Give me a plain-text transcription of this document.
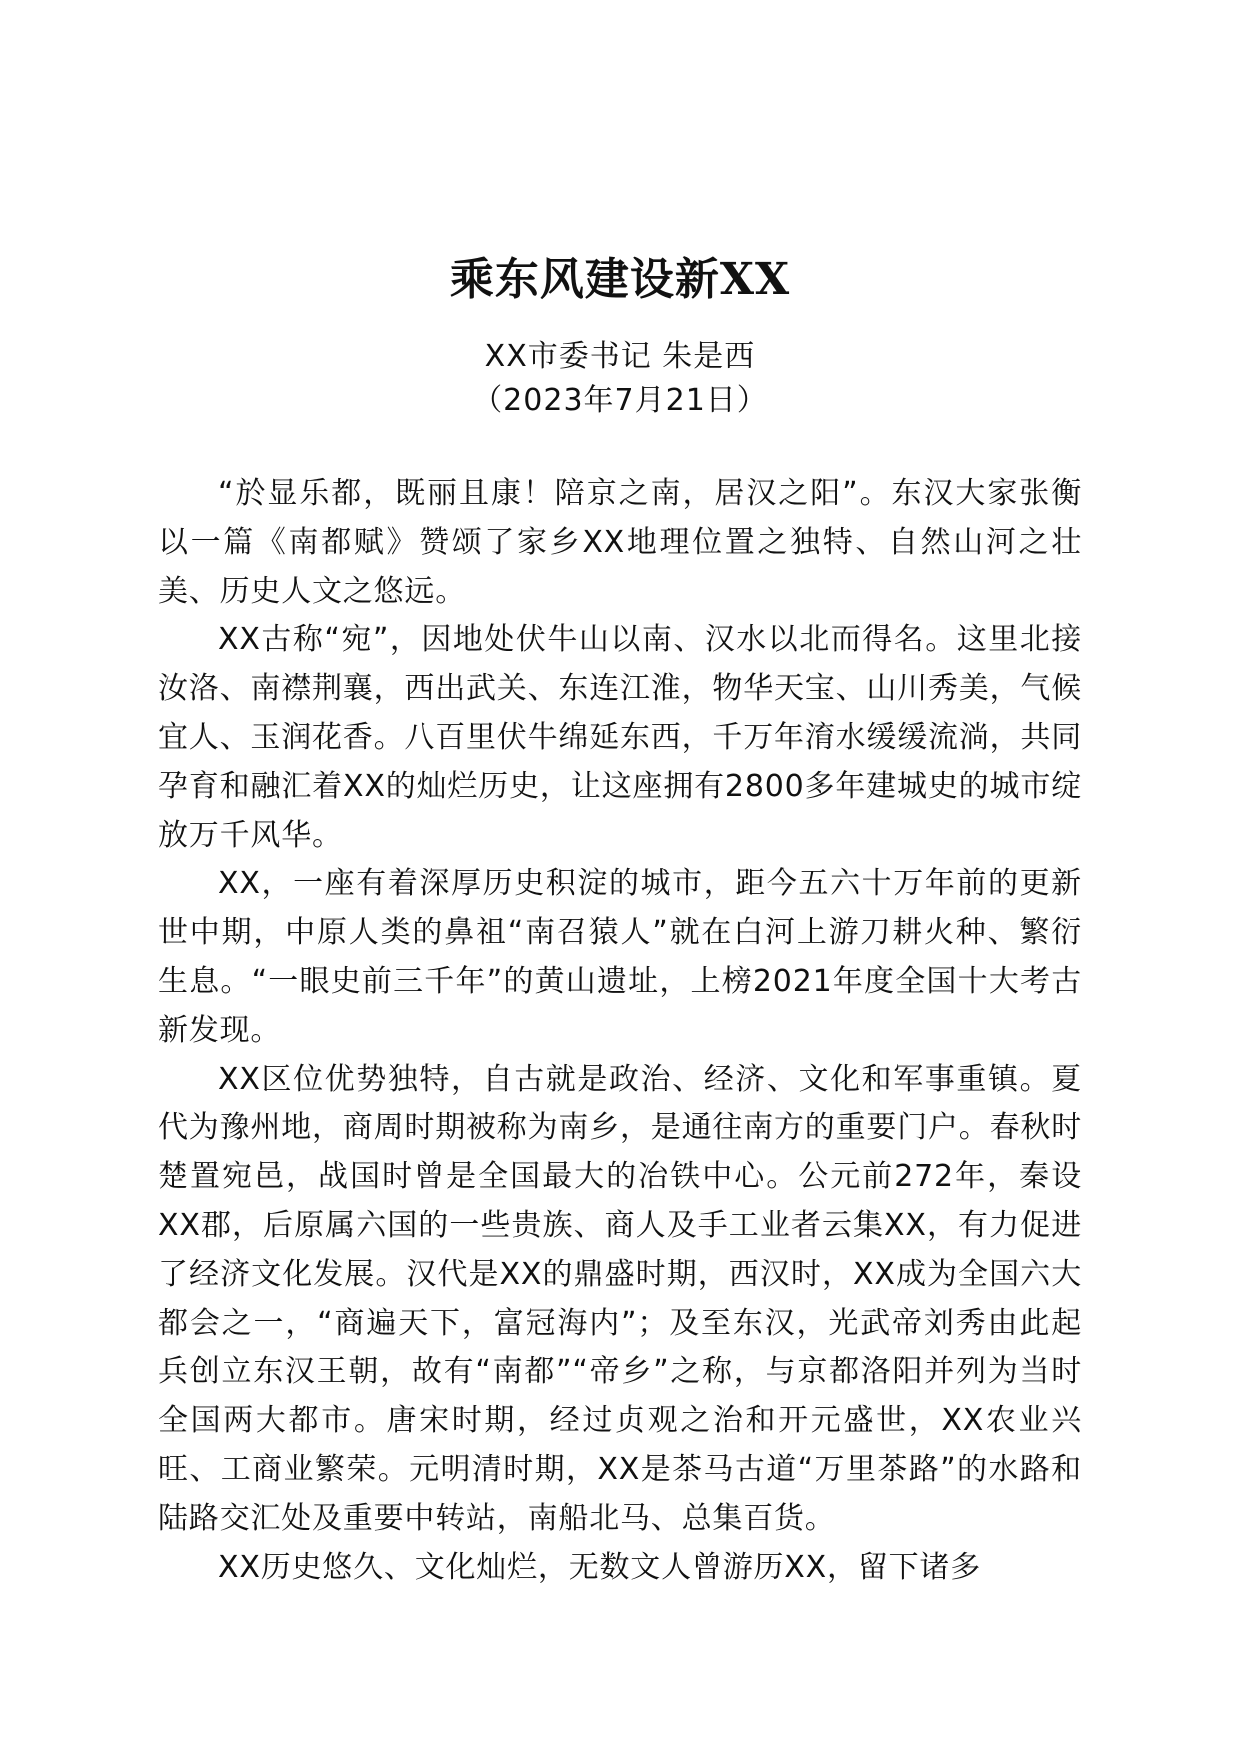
乘东风建设新XX
XX市委书记 朱是西
（2023年7月21日）

“於显乐都，既丽且康！陪京之南，居汉之阳”。东汉大家张衡以一篇《南都赋》赞颂了家乡XX地理位置之独特、自然山河之壮美、历史人文之悠远。

XX古称“宛”，因地处伏牛山以南、汉水以北而得名。这里北接汝洛、南襟荆襄，西出武关、东连江淮，物华天宝、山川秀美，气候宜人、玉润花香。八百里伏牛绵延东西，千万年淯水缓缓流淌，共同孕育和融汇着XX的灿烂历史，让这座拥有2800多年建城史的城市绽放万千风华。

XX，一座有着深厚历史积淀的城市，距今五六十万年前的更新世中期，中原人类的鼻祖“南召猿人”就在白河上游刀耕火种、繁衍生息。“一眼史前三千年”的黄山遗址，上榜2021年度全国十大考古新发现。

XX区位优势独特，自古就是政治、经济、文化和军事重镇。夏代为豫州地，商周时期被称为南乡，是通往南方的重要门户。春秋时楚置宛邑，战国时曾是全国最大的冶铁中心。公元前272年，秦设XX郡，后原属六国的一些贵族、商人及手工业者云集XX，有力促进了经济文化发展。汉代是XX的鼎盛时期，西汉时，XX成为全国六大都会之一，“商遍天下，富冠海内”；及至东汉，光武帝刘秀由此起兵创立东汉王朝，故有“南都”“帝乡”之称，与京都洛阳并列为当时全国两大都市。唐宋时期，经过贞观之治和开元盛世，XX农业兴旺、工商业繁荣。元明清时期，XX是茶马古道“万里茶路”的水路和陆路交汇处及重要中转站，南船北马、总集百货。

XX历史悠久、文化灿烂，无数文人曾游历XX，留下诸多
